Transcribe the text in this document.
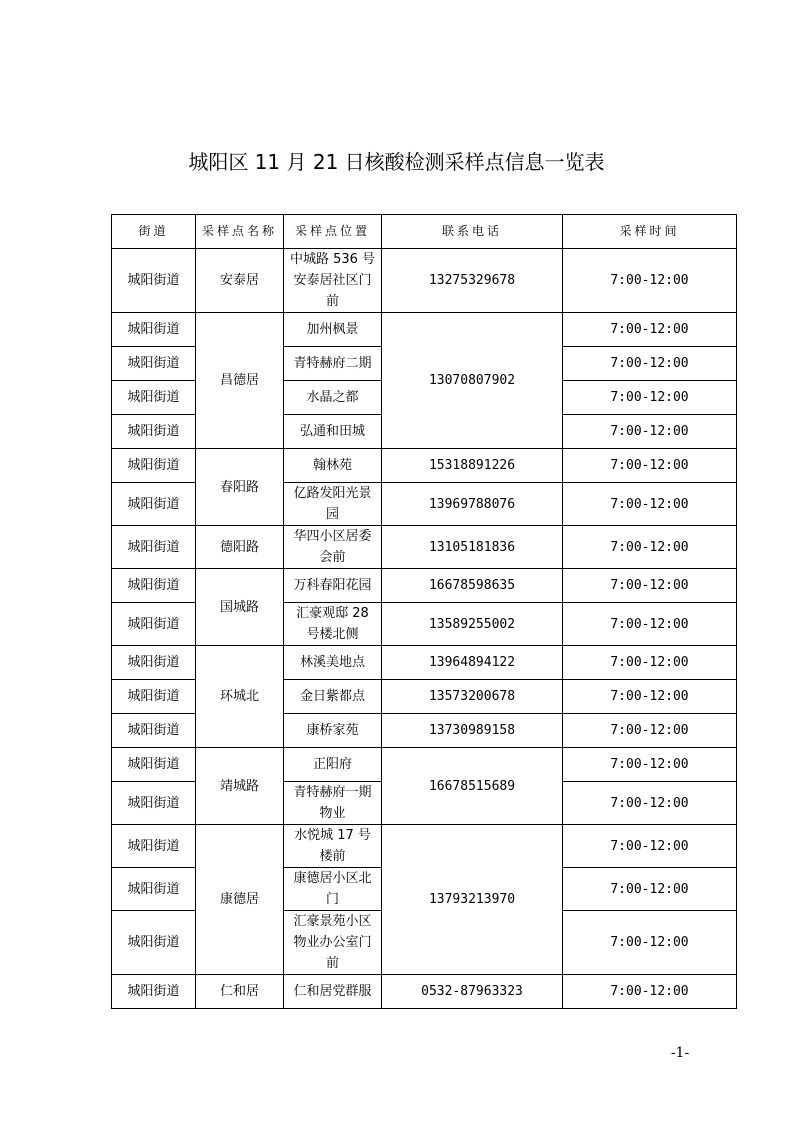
城阳区 11 月 21 日核酸检测采样点信息一览表
街道	采样点名称	采样点位置	联系电话	采样时间
城阳街道	安泰居	中城路 536 号安泰居社区门前	13275329678	7:00-12:00
城阳街道	昌德居	加州枫景	13070807902	7:00-12:00
城阳街道		青特赫府二期		7:00-12:00
城阳街道		水晶之都		7:00-12:00
城阳街道		弘通和田城		7:00-12:00
城阳街道	春阳路	翰林苑	15318891226	7:00-12:00
城阳街道		亿路发阳光景园	13969788076	7:00-12:00
城阳街道	德阳路	华四小区居委会前	13105181836	7:00-12:00
城阳街道	国城路	万科春阳花园	16678598635	7:00-12:00
城阳街道		汇豪观邸 28 号楼北侧	13589255002	7:00-12:00
城阳街道	环城北	林溪美地点	13964894122	7:00-12:00
城阳街道		金日紫都点	13573200678	7:00-12:00
城阳街道		康桥家苑	13730989158	7:00-12:00
城阳街道	靖城路	正阳府	16678515689	7:00-12:00
城阳街道		青特赫府一期物业		7:00-12:00
城阳街道	康德居	水悦城 17 号楼前	13793213970	7:00-12:00
城阳街道		康德居小区北门		7:00-12:00
城阳街道		汇豪景苑小区物业办公室门前		7:00-12:00
城阳街道	仁和居	仁和居党群服	0532-87963323	7:00-12:00
-1-
